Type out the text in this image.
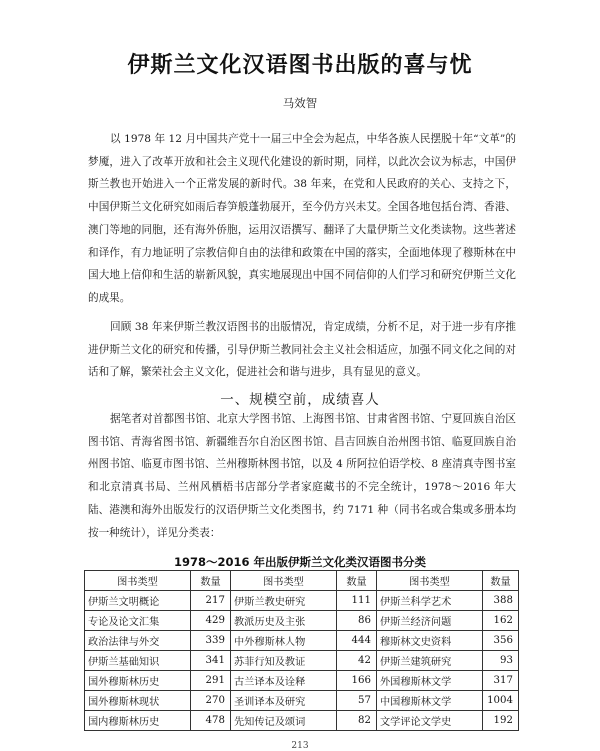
伊斯兰文化汉语图书出版的喜与忧
马效智

以 1978 年 12 月中国共产党十一届三中全会为起点，中华各族人民摆脱十年“文革”的梦魇，进入了改革开放和社会主义现代化建设的新时期，同样，以此次会议为标志，中国伊斯兰教也开始进入一个正常发展的新时代。38 年来，在党和人民政府的关心、支持之下，中国伊斯兰文化研究如雨后春笋般蓬勃展开，至今仍方兴未艾。全国各地包括台湾、香港、澳门等地的同胞，还有海外侨胞，运用汉语撰写、翻译了大量伊斯兰文化类读物。这些著述和译作，有力地证明了宗教信仰自由的法律和政策在中国的落实，全面地体现了穆斯林在中国大地上信仰和生活的崭新风貌，真实地展现出中国不同信仰的人们学习和研究伊斯兰文化的成果。

回顾 38 年来伊斯兰教汉语图书的出版情况，肯定成绩，分析不足，对于进一步有序推进伊斯兰文化的研究和传播，引导伊斯兰教同社会主义社会相适应，加强不同文化之间的对话和了解，繁荣社会主义文化，促进社会和谐与进步，具有显见的意义。

一、规模空前，成绩喜人

据笔者对首都图书馆、北京大学图书馆、上海图书馆、甘肃省图书馆、宁夏回族自治区图书馆、青海省图书馆、新疆维吾尔自治区图书馆、昌吉回族自治州图书馆、临夏回族自治州图书馆、临夏市图书馆、兰州穆斯林图书馆，以及 4 所阿拉伯语学校、8 座清真寺图书室和北京清真书局、兰州风栖梧书店部分学者家庭藏书的不完全统计，1978～2016 年大陆、港澳和海外出版发行的汉语伊斯兰文化类图书，约 7171 种（同书名或合集或多册本均按一种统计），详见分类表：

1978～2016 年出版伊斯兰文化类汉语图书分类
图书类型	数量	图书类型	数量	图书类型	数量
伊斯兰文明概论	217	伊斯兰教史研究	111	伊斯兰科学艺术	388
专论及论文汇集	429	教派历史及主张	86	伊斯兰经济问题	162
政治法律与外交	339	中外穆斯林人物	444	穆斯林文史资料	356
伊斯兰基础知识	341	苏菲行知及教证	42	伊斯兰建筑研究	93
国外穆斯林历史	291	古兰译本及诠释	166	外国穆斯林文学	317
国外穆斯林现状	270	圣训译本及研究	57	中国穆斯林文学	1004
国内穆斯林历史	478	先知传记及颂词	82	文学评论文学史	192
213
